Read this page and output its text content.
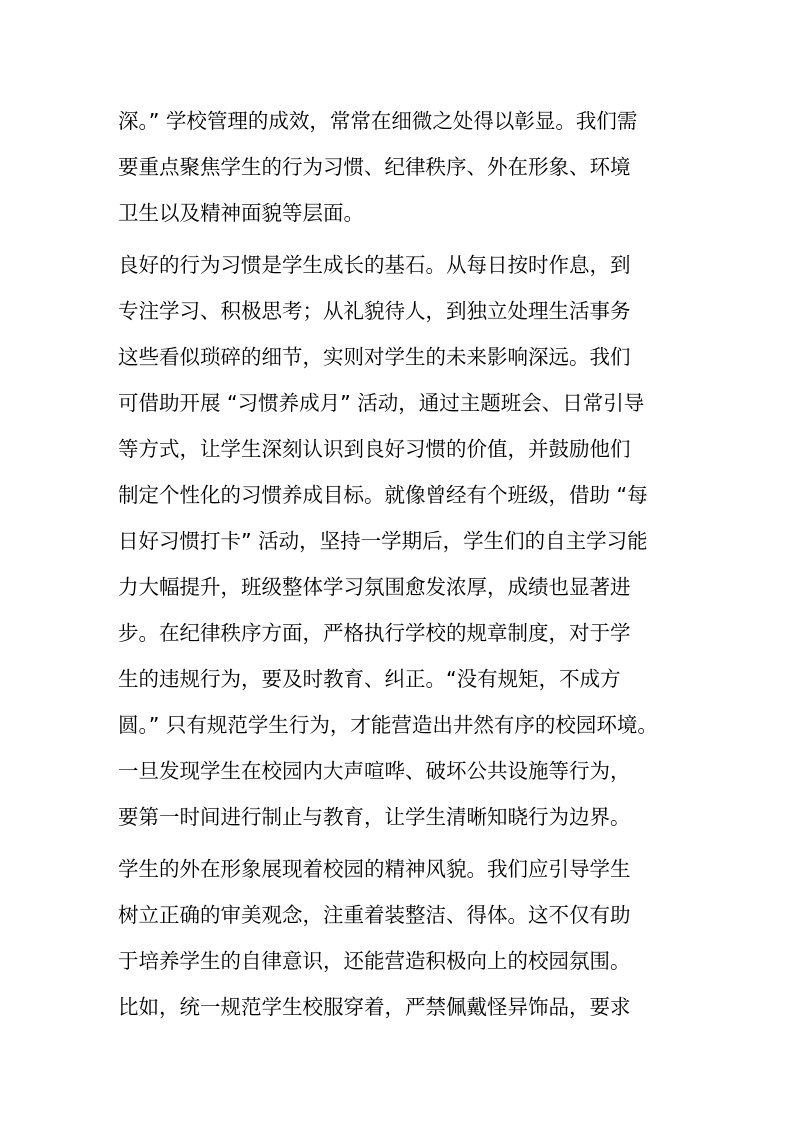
深。” 学校管理的成效，常常在细微之处得以彰显。我们需
要重点聚焦学生的行为习惯、纪律秩序、外在形象、环境
卫生以及精神面貌等层面。
良好的行为习惯是学生成长的基石。从每日按时作息，到
专注学习、积极思考；从礼貌待人，到独立处理生活事务
这些看似琐碎的细节，实则对学生的未来影响深远。我们
可借助开展 “习惯养成月” 活动，通过主题班会、日常引导
等方式，让学生深刻认识到良好习惯的价值，并鼓励他们
制定个性化的习惯养成目标。就像曾经有个班级，借助 “每
日好习惯打卡” 活动，坚持一学期后，学生们的自主学习能
力大幅提升，班级整体学习氛围愈发浓厚，成绩也显著进
步。在纪律秩序方面，严格执行学校的规章制度，对于学
生的违规行为，要及时教育、纠正。“没有规矩，不成方
圆。” 只有规范学生行为，才能营造出井然有序的校园环境。
一旦发现学生在校园内大声喧哗、破坏公共设施等行为，
要第一时间进行制止与教育，让学生清晰知晓行为边界。
学生的外在形象展现着校园的精神风貌。我们应引导学生
树立正确的审美观念，注重着装整洁、得体。这不仅有助
于培养学生的自律意识，还能营造积极向上的校园氛围。
比如，统一规范学生校服穿着，严禁佩戴怪异饰品，要求
